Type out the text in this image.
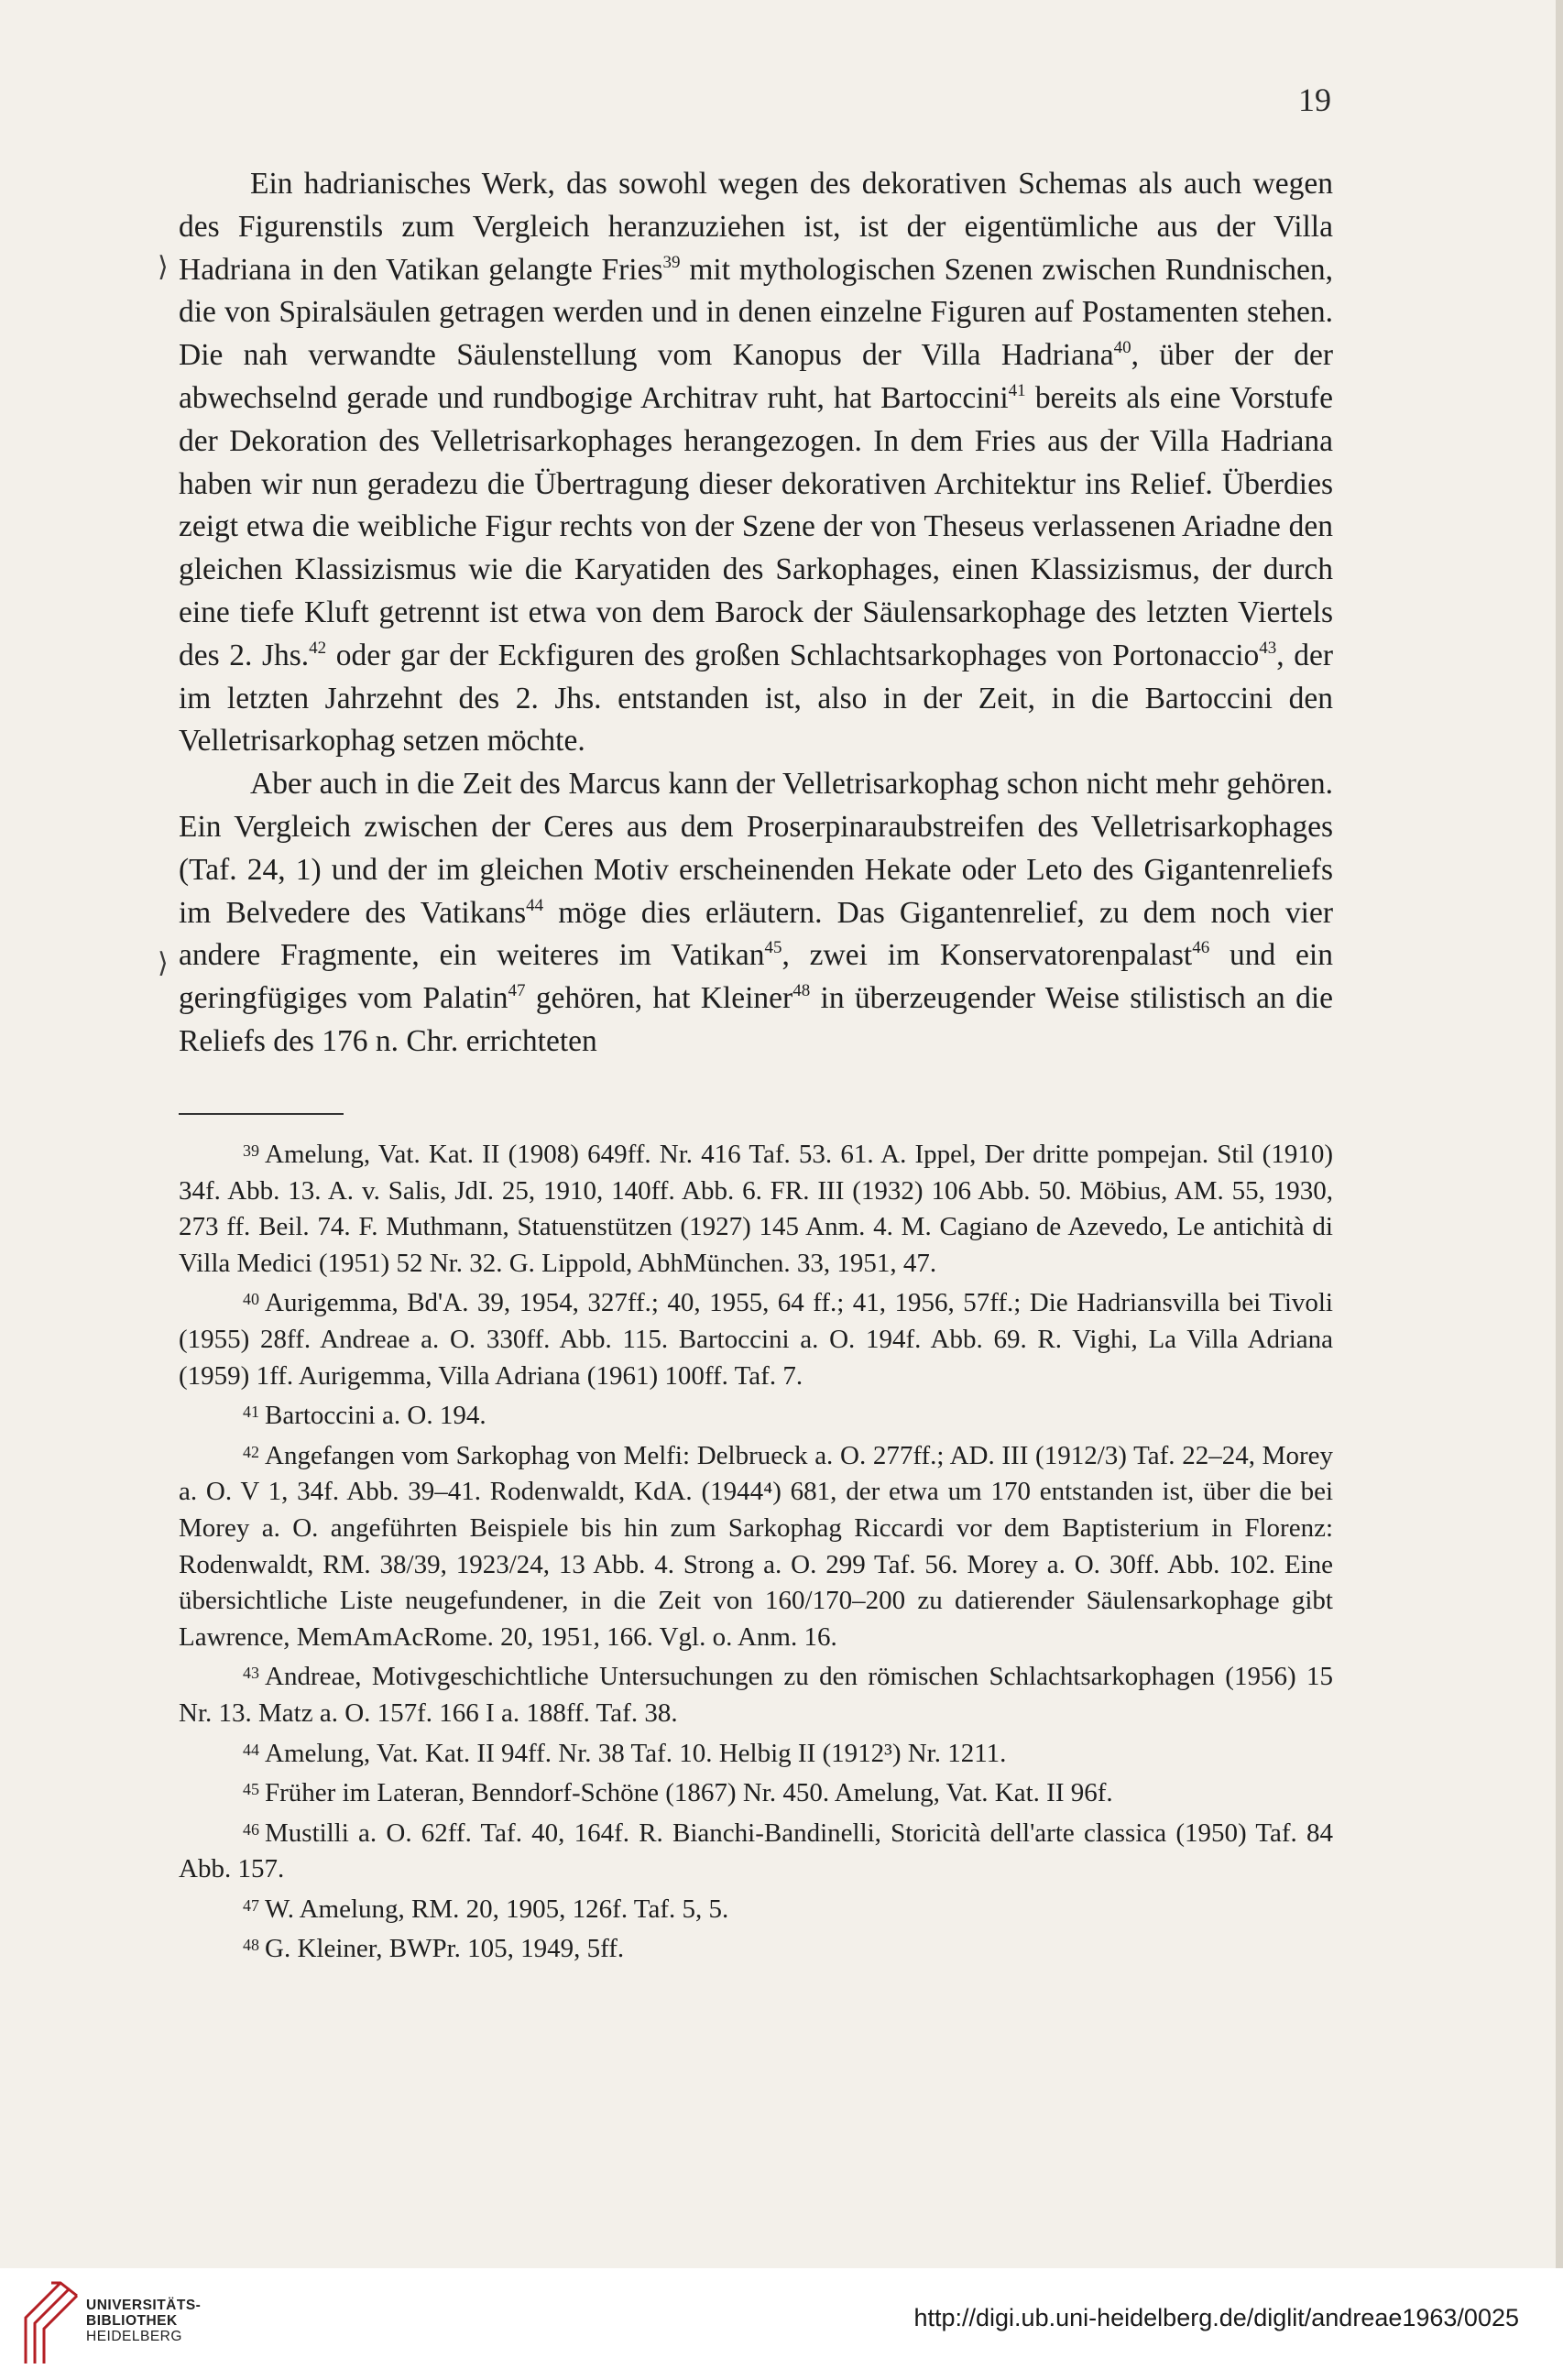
19
⟩
⟩

Ein hadrianisches Werk, das sowohl wegen des dekorativen Schemas als auch wegen des Figurenstils zum Vergleich heranzuziehen ist, ist der eigentümliche aus der Villa Hadriana in den Vatikan gelangte Fries$^{39}$ mit mythologischen Szenen zwischen Rundnischen, die von Spiralsäulen getragen werden und in denen einzelne Figuren auf Postamenten stehen. Die nah verwandte Säulenstellung vom Kanopus der Villa Hadriana$^{40}$, über der der abwechselnd gerade und rundbogige Architrav ruht, hat Bartoccini$^{41}$ bereits als eine Vorstufe der Dekoration des Velletrisarkophages herangezogen. In dem Fries aus der Villa Hadriana haben wir nun geradezu die Übertragung dieser dekorativen Architektur ins Relief. Überdies zeigt etwa die weibliche Figur rechts von der Szene der von Theseus verlassenen Ariadne den gleichen Klassizismus wie die Karyatiden des Sarkophages, einen Klassizismus, der durch eine tiefe Kluft getrennt ist etwa von dem Barock der Säulensarkophage des letzten Viertels des 2. Jhs.$^{42}$ oder gar der Eckfiguren des großen Schlachtsarkophages von Portonaccio$^{43}$, der im letzten Jahrzehnt des 2. Jhs. entstanden ist, also in der Zeit, in die Bartoccini den Velletrisarkophag setzen möchte.

Aber auch in die Zeit des Marcus kann der Velletrisarkophag schon nicht mehr gehören. Ein Vergleich zwischen der Ceres aus dem Proserpinaraubstreifen des Velletrisarkophages (Taf. 24, 1) und der im gleichen Motiv erscheinenden Hekate oder Leto des Gigantenreliefs im Belvedere des Vatikans$^{44}$ möge dies erläutern. Das Gigantenrelief, zu dem noch vier andere Fragmente, ein weiteres im Vatikan$^{45}$, zwei im Konservatorenpalast$^{46}$ und ein geringfügiges vom Palatin$^{47}$ gehören, hat Kleiner$^{48}$ in überzeugender Weise stilistisch an die Reliefs des 176 n. Chr. errichteten

$^{39}$ Amelung, Vat. Kat. II (1908) 649ff. Nr. 416 Taf. 53. 61. A. Ippel, Der dritte pompejan. Stil (1910) 34f. Abb. 13. A. v. Salis, JdI. 25, 1910, 140ff. Abb. 6. FR. III (1932) 106 Abb. 50. Möbius, AM. 55, 1930, 273 ff. Beil. 74. F. Muthmann, Statuenstützen (1927) 145 Anm. 4. M. Cagiano de Azevedo, Le antichità di Villa Medici (1951) 52 Nr. 32. G. Lippold, AbhMünchen. 33, 1951, 47.

$^{40}$ Aurigemma, Bd'A. 39, 1954, 327ff.; 40, 1955, 64 ff.; 41, 1956, 57ff.; Die Hadriansvilla bei Tivoli (1955) 28ff. Andreae a. O. 330ff. Abb. 115. Bartoccini a. O. 194f. Abb. 69. R. Vighi, La Villa Adriana (1959) 1ff. Aurigemma, Villa Adriana (1961) 100ff. Taf. 7.

$^{41}$ Bartoccini a. O. 194.

$^{42}$ Angefangen vom Sarkophag von Melfi: Delbrueck a. O. 277ff.; AD. III (1912/3) Taf. 22–24, Morey a. O. V 1, 34f. Abb. 39–41. Rodenwaldt, KdA. (1944⁴) 681, der etwa um 170 entstanden ist, über die bei Morey a. O. angeführten Beispiele bis hin zum Sarkophag Riccardi vor dem Baptisterium in Florenz: Rodenwaldt, RM. 38/39, 1923/24, 13 Abb. 4. Strong a. O. 299 Taf. 56. Morey a. O. 30ff. Abb. 102. Eine übersichtliche Liste neugefundener, in die Zeit von 160/170–200 zu datierender Säulensarkophage gibt Lawrence, MemAmAcRome. 20, 1951, 166. Vgl. o. Anm. 16.

$^{43}$ Andreae, Motivgeschichtliche Untersuchungen zu den römischen Schlachtsarkophagen (1956) 15 Nr. 13. Matz a. O. 157f. 166 I a. 188ff. Taf. 38.

$^{44}$ Amelung, Vat. Kat. II 94ff. Nr. 38 Taf. 10. Helbig II (1912³) Nr. 1211.

$^{45}$ Früher im Lateran, Benndorf-Schöne (1867) Nr. 450. Amelung, Vat. Kat. II 96f.

$^{46}$ Mustilli a. O. 62ff. Taf. 40, 164f. R. Bianchi-Bandinelli, Storicità dell'arte classica (1950) Taf. 84 Abb. 157.

$^{47}$ W. Amelung, RM. 20, 1905, 126f. Taf. 5, 5.

$^{48}$ G. Kleiner, BWPr. 105, 1949, 5ff.

UNIVERSITÄTS-
BIBLIOTHEK
HEIDELBERG
http://digi.ub.uni-heidelberg.de/diglit/andreae1963/0025
